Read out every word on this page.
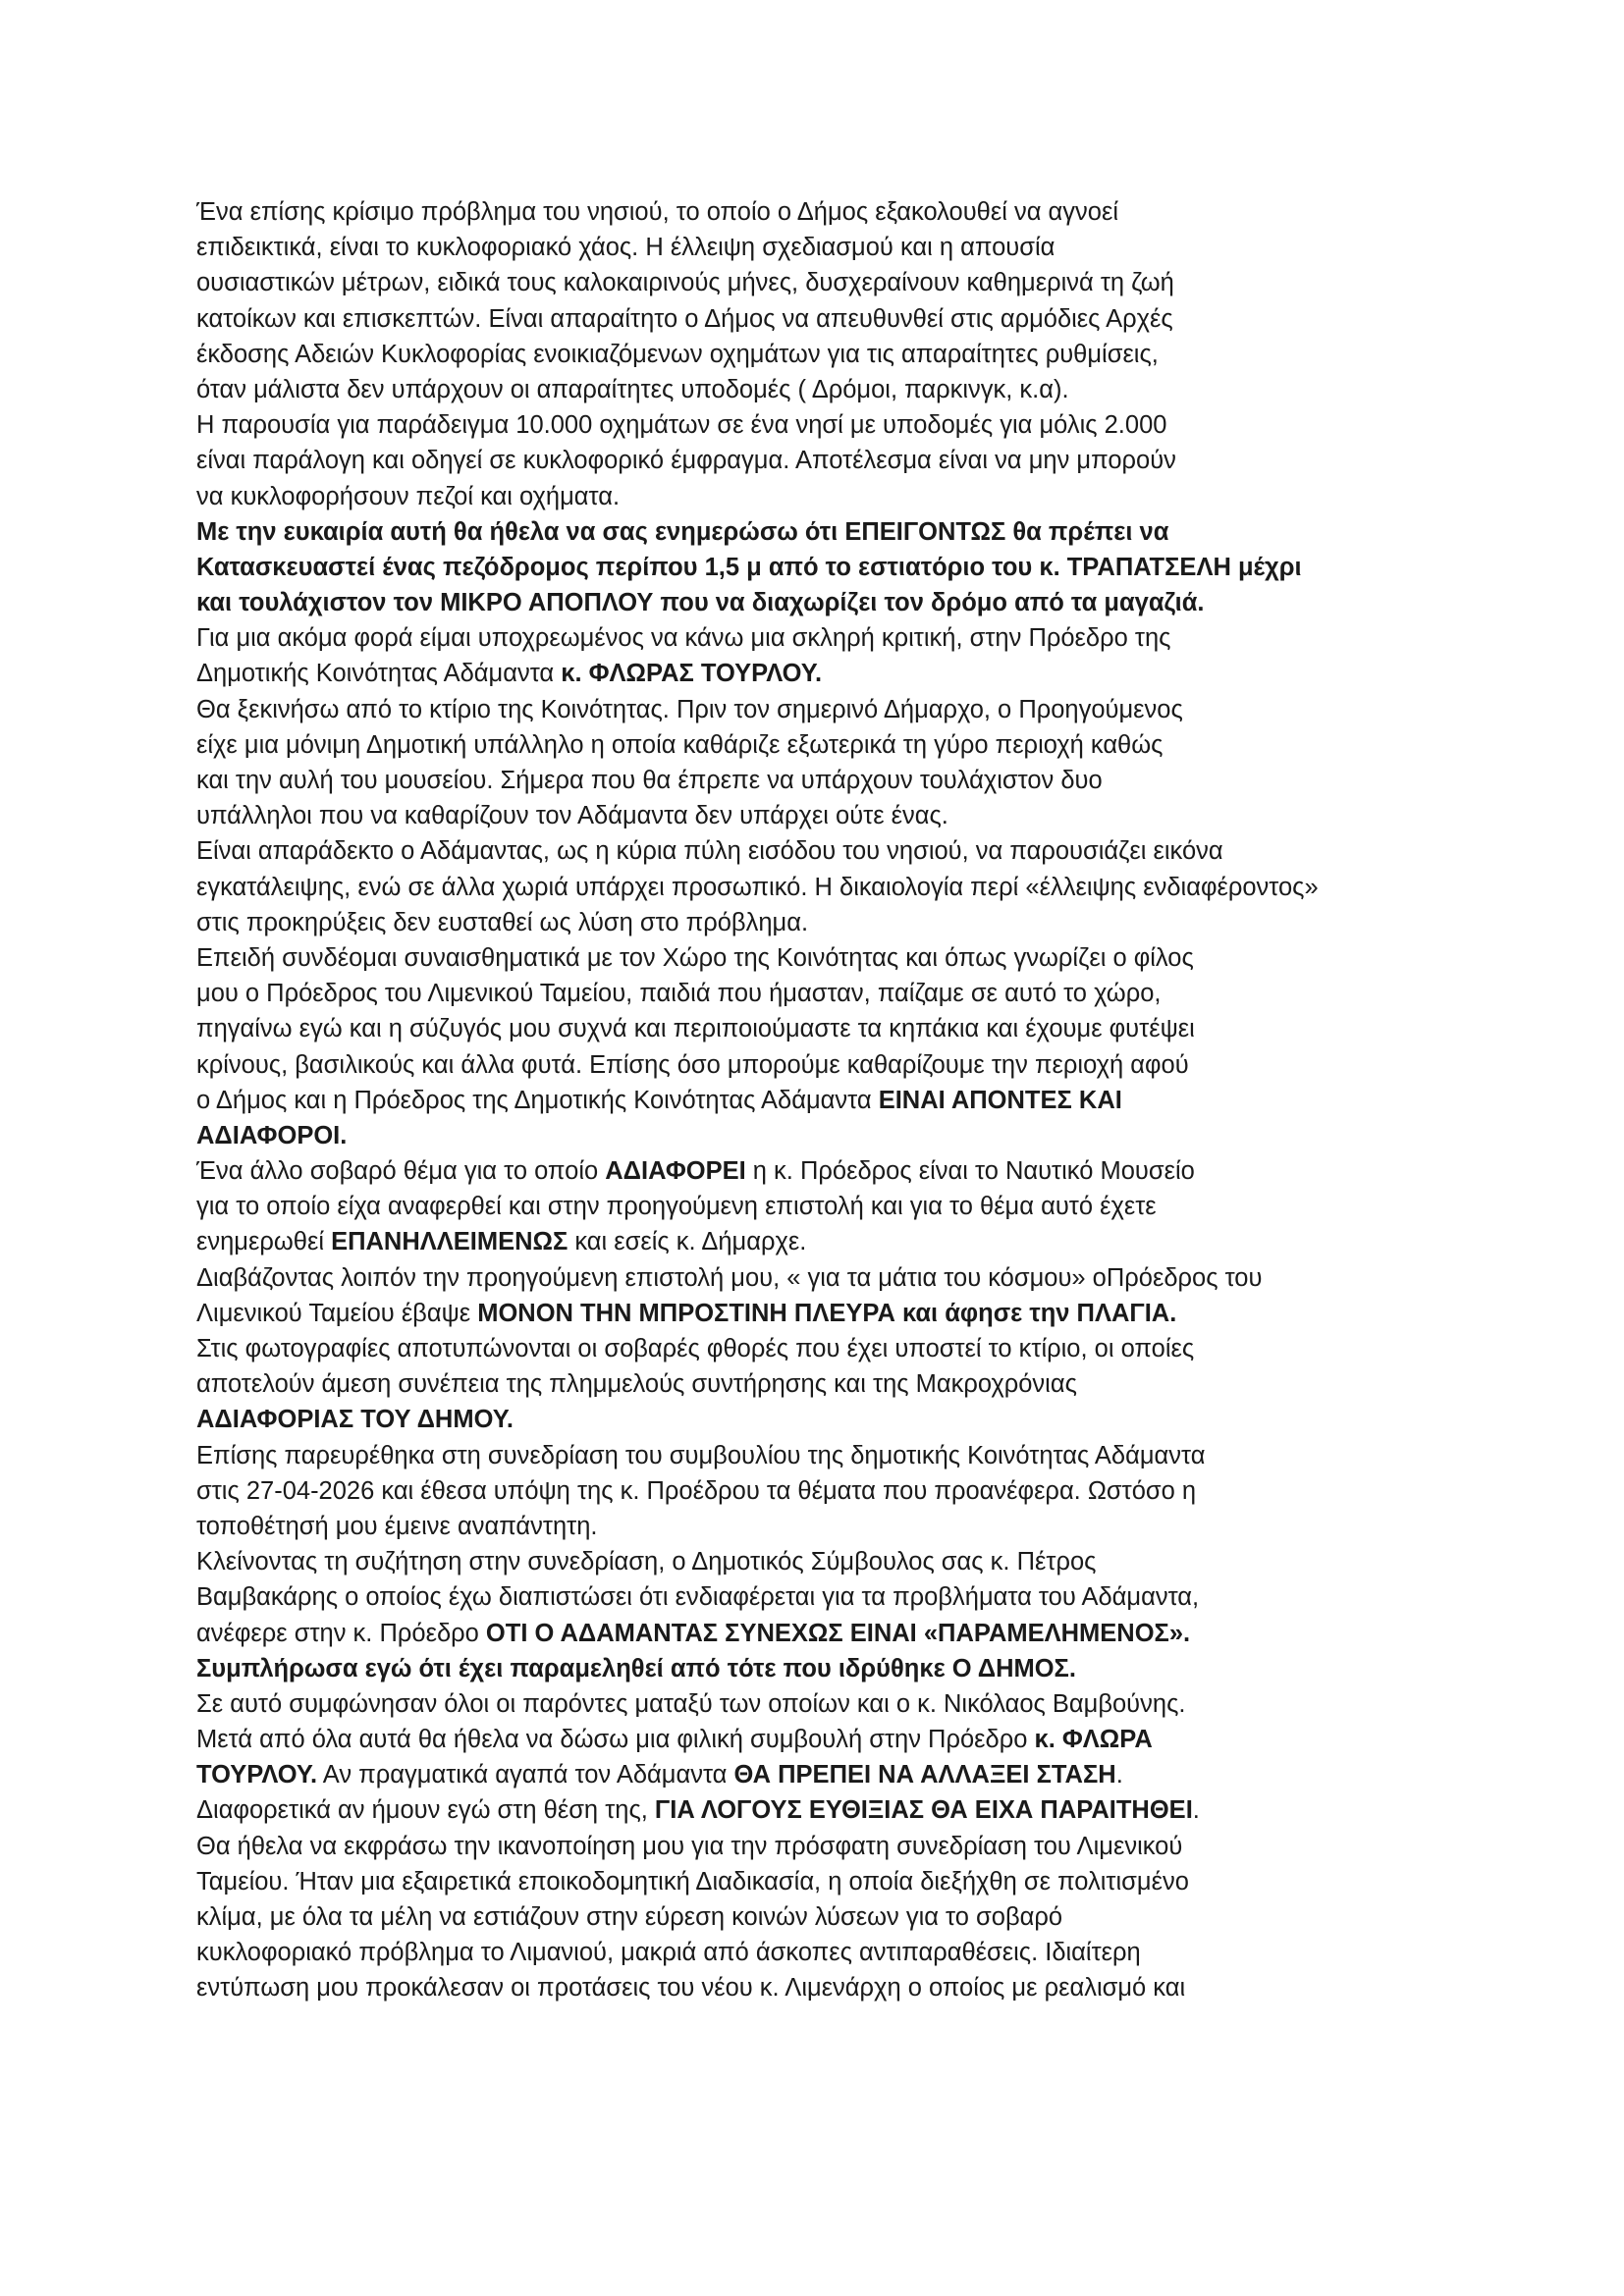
Ένα επίσης κρίσιμο πρόβλημα του νησιού, το οποίο ο Δήμος εξακολουθεί να αγνοεί
επιδεικτικά, είναι το κυκλοφοριακό χάος. Η έλλειψη σχεδιασμού και η απουσία
ουσιαστικών μέτρων, ειδικά τους καλοκαιρινούς μήνες, δυσχεραίνουν καθημερινά τη ζωή
κατοίκων και επισκεπτών. Είναι απαραίτητο ο Δήμος να απευθυνθεί στις αρμόδιες Αρχές
έκδοσης Αδειών Κυκλοφορίας ενοικιαζόμενων οχημάτων για τις απαραίτητες ρυθμίσεις,
όταν μάλιστα δεν υπάρχουν οι απαραίτητες υποδομές ( Δρόμοι, παρκινγκ, κ.α).
Η παρουσία για παράδειγμα 10.000 οχημάτων σε ένα νησί με υποδομές για μόλις 2.000
είναι παράλογη και οδηγεί σε κυκλοφορικό έμφραγμα. Αποτέλεσμα είναι να μην μπορούν
να κυκλοφορήσουν πεζοί και οχήματα.
Με την ευκαιρία αυτή θα ήθελα να σας ενημερώσω ότι ΕΠΕΙΓΟΝΤΩΣ θα πρέπει να
Κατασκευαστεί ένας πεζόδρομος περίπου 1,5 μ από το εστιατόριο του κ. ΤΡΑΠΑΤΣΕΛΗ μέχρι
και τουλάχιστον τον ΜΙΚΡΟ ΑΠΟΠΛΟΥ που να διαχωρίζει τον δρόμο από τα μαγαζιά.
Για μια ακόμα φορά είμαι υποχρεωμένος να κάνω μια σκληρή κριτική, στην Πρόεδρο της
Δημοτικής Κοινότητας Αδάμαντα κ. ΦΛΩΡΑΣ ΤΟΥΡΛΟΥ.
Θα ξεκινήσω από το κτίριο της Κοινότητας. Πριν τον σημερινό Δήμαρχο, ο Προηγούμενος
είχε μια μόνιμη Δημοτική υπάλληλο η οποία καθάριζε εξωτερικά τη γύρο περιοχή καθώς
και την αυλή του μουσείου. Σήμερα που θα έπρεπε να υπάρχουν τουλάχιστον δυο
υπάλληλοι που να καθαρίζουν τον Αδάμαντα δεν υπάρχει ούτε ένας.
Είναι απαράδεκτο ο Αδάμαντας, ως η κύρια πύλη εισόδου του νησιού, να παρουσιάζει εικόνα
εγκατάλειψης, ενώ σε άλλα χωριά υπάρχει προσωπικό. Η δικαιολογία περί «έλλειψης ενδιαφέροντος»
στις προκηρύξεις δεν ευσταθεί ως λύση στο πρόβλημα.
Επειδή συνδέομαι συναισθηματικά με τον Χώρο της Κοινότητας και όπως γνωρίζει ο φίλος
μου ο Πρόεδρος του Λιμενικού Ταμείου, παιδιά που ήμασταν, παίζαμε σε αυτό το χώρο,
πηγαίνω εγώ και η σύζυγός μου συχνά και περιποιούμαστε τα κηπάκια και έχουμε φυτέψει
κρίνους, βασιλικούς και άλλα φυτά. Επίσης όσο μπορούμε καθαρίζουμε την περιοχή αφού
ο Δήμος και η Πρόεδρος της Δημοτικής Κοινότητας Αδάμαντα ΕΙΝΑΙ ΑΠΟΝΤΕΣ ΚΑΙ
ΑΔΙΑΦΟΡΟΙ.
Ένα άλλο σοβαρό θέμα για το οποίο ΑΔΙΑΦΟΡΕΙ η κ. Πρόεδρος είναι το Ναυτικό Μουσείο
για το οποίο είχα αναφερθεί και στην προηγούμενη επιστολή και για το θέμα αυτό έχετε
ενημερωθεί ΕΠΑΝΗΛΛΕΙΜΕΝΩΣ και εσείς κ. Δήμαρχε.
Διαβάζοντας λοιπόν την προηγούμενη επιστολή μου, « για τα μάτια του κόσμου» οΠρόεδρος του
Λιμενικού Ταμείου έβαψε ΜΟΝΟΝ ΤΗΝ ΜΠΡΟΣΤΙΝΗ ΠΛΕΥΡΑ και άφησε την ΠΛΑΓΙΑ.
Στις φωτογραφίες αποτυπώνονται οι σοβαρές φθορές που έχει υποστεί το κτίριο, οι οποίες
αποτελούν άμεση συνέπεια της πλημμελούς συντήρησης και της Μακροχρόνιας
ΑΔΙΑΦΟΡΙΑΣ ΤΟΥ ΔΗΜΟΥ.
Επίσης παρευρέθηκα στη συνεδρίαση του συμβουλίου της δημοτικής Κοινότητας Αδάμαντα
στις 27-04-2026 και έθεσα υπόψη της κ. Προέδρου τα θέματα που προανέφερα. Ωστόσο η
τοποθέτησή μου έμεινε αναπάντητη.
Κλείνοντας τη συζήτηση στην συνεδρίαση, ο Δημοτικός Σύμβουλος σας κ. Πέτρος
Βαμβακάρης ο οποίος έχω διαπιστώσει ότι ενδιαφέρεται για τα προβλήματα του Αδάμαντα,
ανέφερε στην κ. Πρόεδρο ΟΤΙ Ο ΑΔΑΜΑΝΤΑΣ ΣΥΝΕΧΩΣ ΕΙΝΑΙ «ΠΑΡΑΜΕΛΗΜΕΝΟΣ».
Συμπλήρωσα εγώ ότι έχει παραμεληθεί από τότε που ιδρύθηκε Ο ΔΗΜΟΣ.
Σε αυτό συμφώνησαν όλοι οι παρόντες ματαξύ των οποίων και ο κ. Νικόλαος Βαμβούνης.
Μετά από όλα αυτά θα ήθελα να δώσω μια φιλική συμβουλή στην Πρόεδρο κ. ΦΛΩΡΑ
ΤΟΥΡΛΟΥ. Αν πραγματικά αγαπά τον Αδάμαντα ΘΑ ΠΡΕΠΕΙ ΝΑ ΑΛΛΑΞΕΙ ΣΤΑΣΗ.
Διαφορετικά αν ήμουν εγώ στη θέση της, ΓΙΑ ΛΟΓΟΥΣ ΕΥΘΙΞΙΑΣ ΘΑ ΕΙΧΑ ΠΑΡΑΙΤΗΘΕΙ.
Θα ήθελα να εκφράσω την ικανοποίηση μου για την πρόσφατη συνεδρίαση του Λιμενικού
Ταμείου. Ήταν μια εξαιρετικά εποικοδομητική Διαδικασία, η οποία διεξήχθη σε πολιτισμένο
κλίμα, με όλα τα μέλη να εστιάζουν στην εύρεση κοινών λύσεων για το σοβαρό
κυκλοφοριακό πρόβλημα το Λιμανιού, μακριά από άσκοπες αντιπαραθέσεις. Ιδιαίτερη
εντύπωση μου προκάλεσαν οι προτάσεις του νέου κ. Λιμενάρχη ο οποίος με ρεαλισμό και
